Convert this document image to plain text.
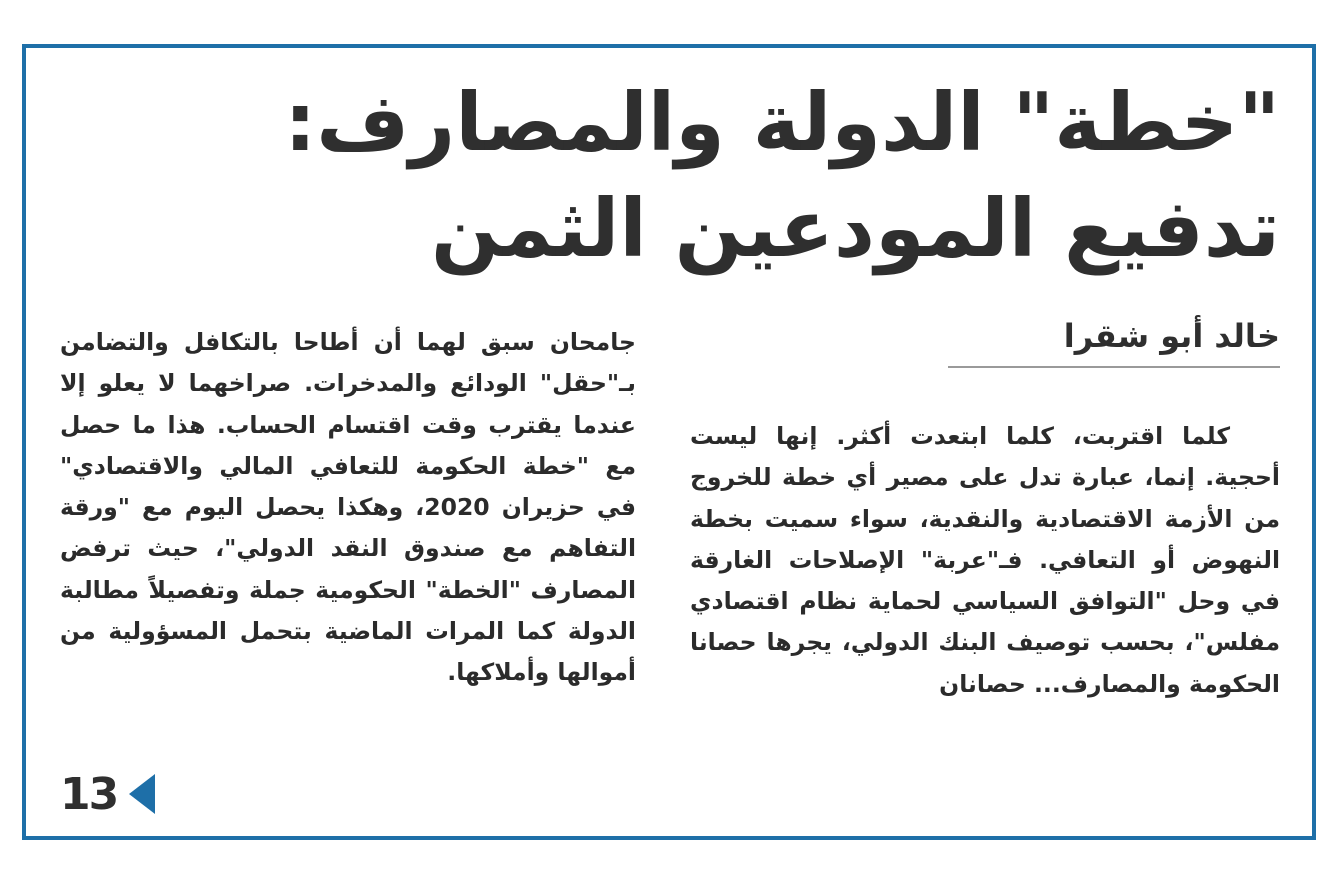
"خطة" الدولة والمصارف:
تدفيع المودعين الثمن
خالد أبو شقرا

كلما اقتربت، كلما ابتعدت أكثر. إنها ليست أحجية. إنما، عبارة تدل على مصير أي خطة للخروج من الأزمة الاقتصادية والنقدية، سواء سميت بخطة النهوض أو التعافي. فـ"عربة" الإصلاحات الغارقة في وحل "التوافق السياسي لحماية نظام اقتصادي مفلس"، بحسب توصيف البنك الدولي، يجرها حصانا الحكومة والمصارف... حصانان

جامحان سبق لهما أن أطاحا بالتكافل والتضامن بـ"حقل" الودائع والمدخرات. صراخهما لا يعلو إلا عندما يقترب وقت اقتسام الحساب. هذا ما حصل مع "خطة الحكومة للتعافي المالي والاقتصادي" في حزيران 2020، وهكذا يحصل اليوم مع "ورقة التفاهم مع صندوق النقد الدولي"، حيث ترفض المصارف "الخطة" الحكومية جملة وتفصيلاً مطالبة الدولة كما المرات الماضية بتحمل المسؤولية من أموالها وأملاكها.

13
